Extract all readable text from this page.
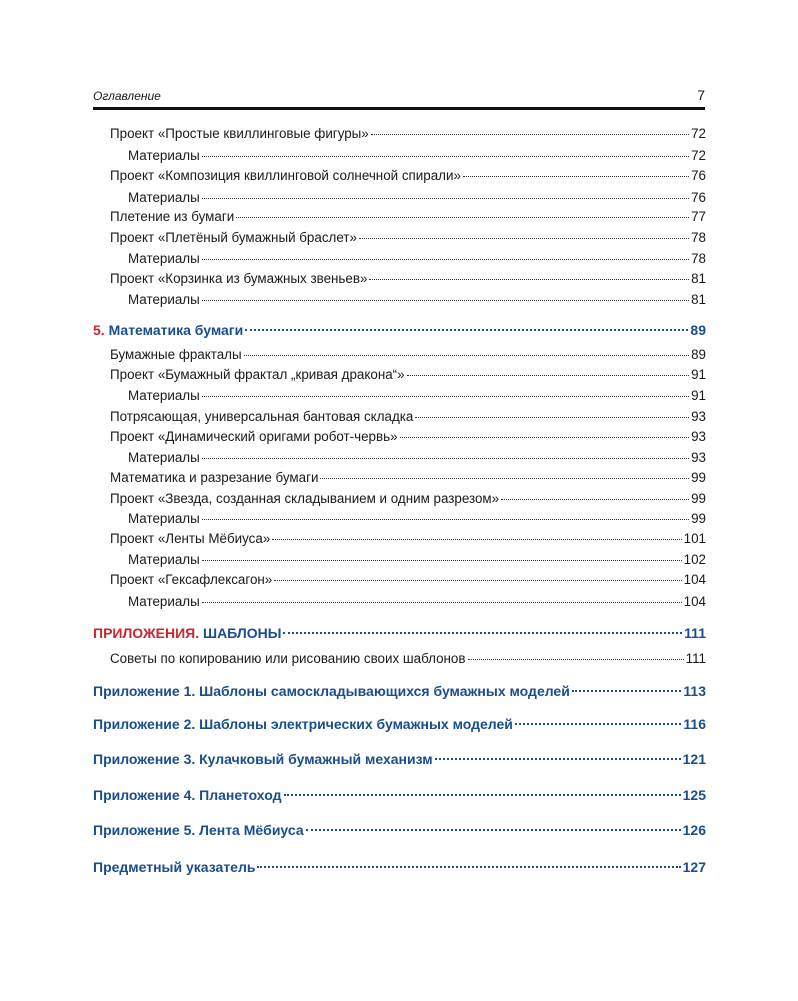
Оглавление	7
Проект «Простые квиллинговые фигуры»	72
Материалы	72
Проект «Композиция квиллинговой солнечной спирали»	76
Материалы	76
Плетение из бумаги	77
Проект «Плетёный бумажный браслет»	78
Материалы	78
Проект «Корзинка из бумажных звеньев»	81
Материалы	81
5. Математика бумаги	89
Бумажные фракталы	89
Проект «Бумажный фрактал „кривая дракона“»	91
Материалы	91
Потрясающая, универсальная бантовая складка	93
Проект «Динамический оригами робот-червь»	93
Материалы	93
Математика и разрезание бумаги	99
Проект «Звезда, созданная складыванием и одним разрезом»	99
Материалы	99
Проект «Ленты Мёбиуса»	101
Материалы	102
Проект «Гексафлексагон»	104
Материалы	104
ПРИЛОЖЕНИЯ. ШАБЛОНЫ	111
Советы по копированию или рисованию своих шаблонов	111
Приложение 1. Шаблоны самоскладывающихся бумажных моделей	113
Приложение 2. Шаблоны электрических бумажных моделей	116
Приложение 3. Кулачковый бумажный механизм	121
Приложение 4. Планетоход	125
Приложение 5. Лента Мёбиуса	126
Предметный указатель	127
